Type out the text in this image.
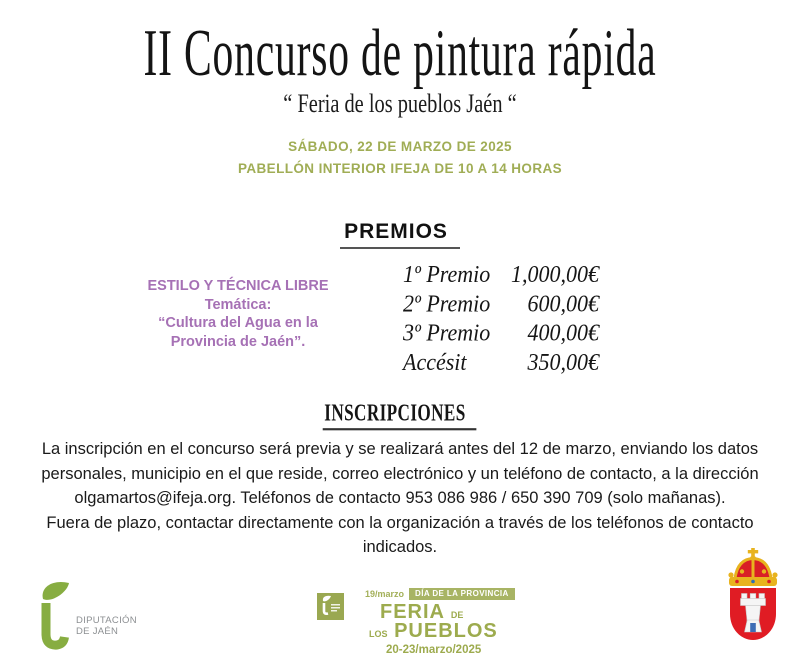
II Concurso de pintura rápida
“ Feria de los pueblos Jaén “
SÁBADO, 22 DE MARZO DE 2025
PABELLÓN INTERIOR IFEJA DE 10 A 14 HORAS
PREMIOS
ESTILO Y TÉCNICA LIBRE
Temática:
“Cultura del Agua en la
Provincia de Jaén”.
1º Premio 1,000,00€
2º Premio 600,00€
3º Premio 400,00€
Accésit	350,00€
INSCRIPCIONES
La inscripción en el concurso será previa y se realizará antes del 12 de marzo, enviando los datos
personales, municipio en el que reside, correo electrónico y un teléfono de contacto, a la dirección
olgamartos@ifeja.org. Teléfonos de contacto 953 086 986 / 650 390 709 (solo mañanas).
Fuera de plazo, contactar directamente con la organización a través de los teléfonos de contacto
indicados.
DIPUTACIÓN
DE JAÉN
19/marzo	DÍA DE LA PROVINCIA
FERIA DE
LOS PUEBLOS
20-23/marzo/2025
